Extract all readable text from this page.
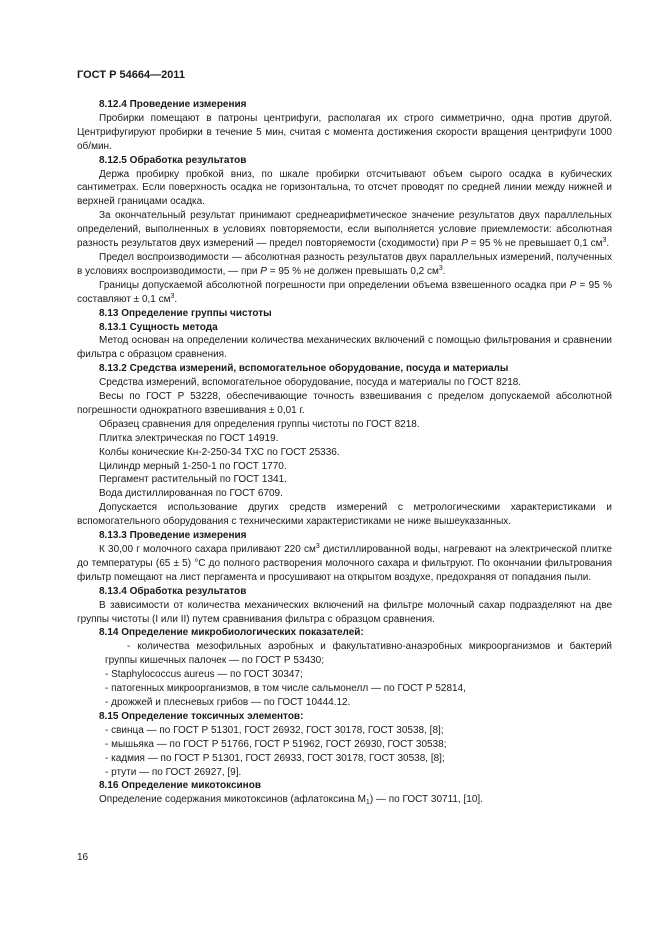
ГОСТ Р 54664—2011

8.12.4 Проведение измерения

Пробирки помещают в патроны центрифуги, располагая их строго симметрично, одна против другой. Центрифугируют пробирки в течение 5 мин, считая с момента достижения скорости вращения центрифуги 1000 об/мин.

8.12.5 Обработка результатов

Держа пробирку пробкой вниз, по шкале пробирки отсчитывают объем сырого осадка в кубических сантиметрах. Если поверхность осадка не горизонтальна, то отсчет проводят по средней линии между нижней и верхней границами осадка.

За окончательный результат принимают среднеарифметическое значение результатов двух параллельных определений, выполненных в условиях повторяемости, если выполняется условие приемлемости: абсолютная разность результатов двух измерений — предел повторяемости (сходимости) при P = 95 % не превышает 0,1 $см^3$.

Предел воспроизводимости — абсолютная разность результатов двух параллельных измерений, полученных в условиях воспроизводимости, — при P = 95 % не должен превышать 0,2 $см^3$.

Границы допускаемой абсолютной погрешности при определении объема взвешенного осадка при P = 95 % составляют ± 0,1 $см^3$.

8.13 Определение группы чистоты

8.13.1 Сущность метода

Метод основан на определении количества механических включений с помощью фильтрования и сравнении фильтра с образцом сравнения.

8.13.2 Средства измерений, вспомогательное оборудование, посуда и материалы

Средства измерений, вспомогательное оборудование, посуда и материалы по ГОСТ 8218.

Весы по ГОСТ Р 53228, обеспечивающие точность взвешивания с пределом допускаемой абсолютной погрешности однократного взвешивания ± 0,01 г.

Образец сравнения для определения группы чистоты по ГОСТ 8218.

Плитка электрическая по ГОСТ 14919.

Колбы конические Кн-2-250-34 ТХС по ГОСТ 25336.

Цилиндр мерный 1-250-1 по ГОСТ 1770.

Пергамент растительный по ГОСТ 1341.

Вода дистиллированная по ГОСТ 6709.

Допускается использование других средств измерений с метрологическими характеристиками и вспомогательного оборудования с техническими характеристиками не ниже вышеуказанных.

8.13.3 Проведение измерения

К 30,00 г молочного сахара приливают 220 $см^3$ дистиллированной воды, нагревают на электрической плитке до температуры (65 ± 5) °С до полного растворения молочного сахара и фильтруют. По окончании фильтрования фильтр помещают на лист пергамента и просушивают на открытом воздухе, предохраняя от попадания пыли.

8.13.4 Обработка результатов

В зависимости от количества механических включений на фильтре молочный сахар подразделяют на две группы чистоты (I или II) путем сравнивания фильтра с образцом сравнения.

8.14 Определение микробиологических показателей:

- количества мезофильных аэробных и факультативно-анаэробных микроорганизмов и бактерий группы кишечных палочек — по ГОСТ Р 53430;

- Staphylococcus aureus — по ГОСТ 30347;

- патогенных микроорганизмов, в том числе сальмонелл — по ГОСТ Р 52814,

- дрожжей и плесневых грибов — по ГОСТ 10444.12.

8.15 Определение токсичных элементов:

- свинца — по ГОСТ Р 51301, ГОСТ 26932, ГОСТ 30178, ГОСТ 30538, [8];

- мышьяка — по ГОСТ Р 51766, ГОСТ Р 51962, ГОСТ 26930, ГОСТ 30538;

- кадмия — по ГОСТ Р 51301, ГОСТ 26933, ГОСТ 30178, ГОСТ 30538, [8];

- ртути — по ГОСТ 26927, [9].

8.16 Определение микотоксинов

Определение содержания микотоксинов (афлатоксина $М_1$) — по ГОСТ 30711, [10].

16
